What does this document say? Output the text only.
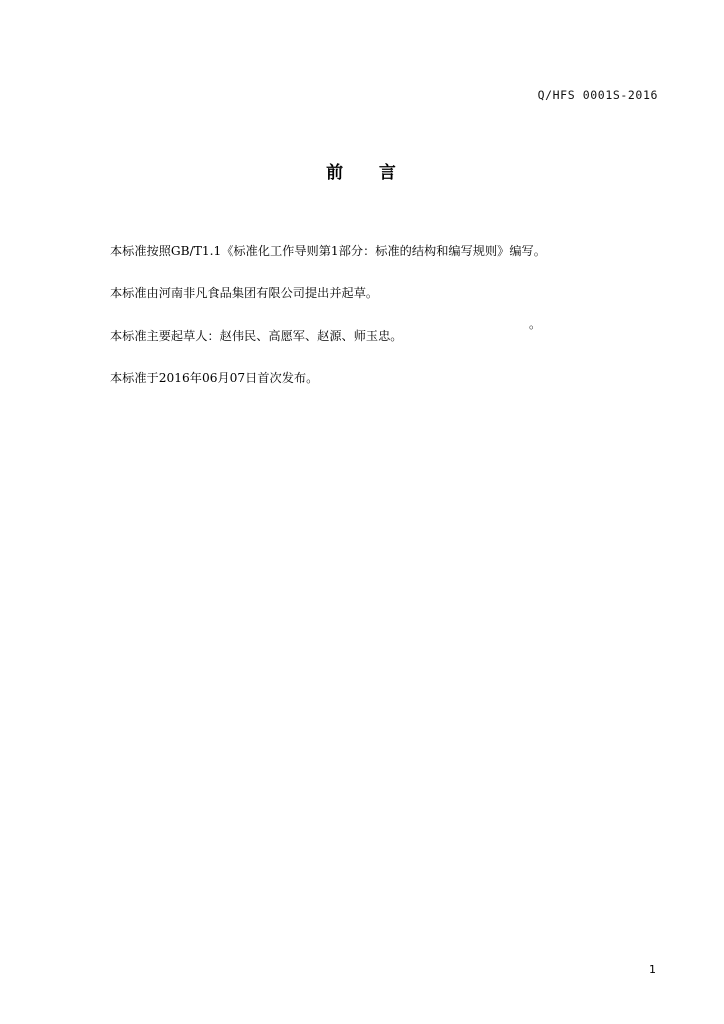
Q/HFS 0001S-2016
前 言

本标准按照GB/T1.1《标准化工作导则第1部分：标准的结构和编写规则》编写。

本标准由河南非凡食品集团有限公司提出并起草。

本标准主要起草人：赵伟民、高愿军、赵源、师玉忠。

本标准于2016年06月07日首次发布。

。
1
